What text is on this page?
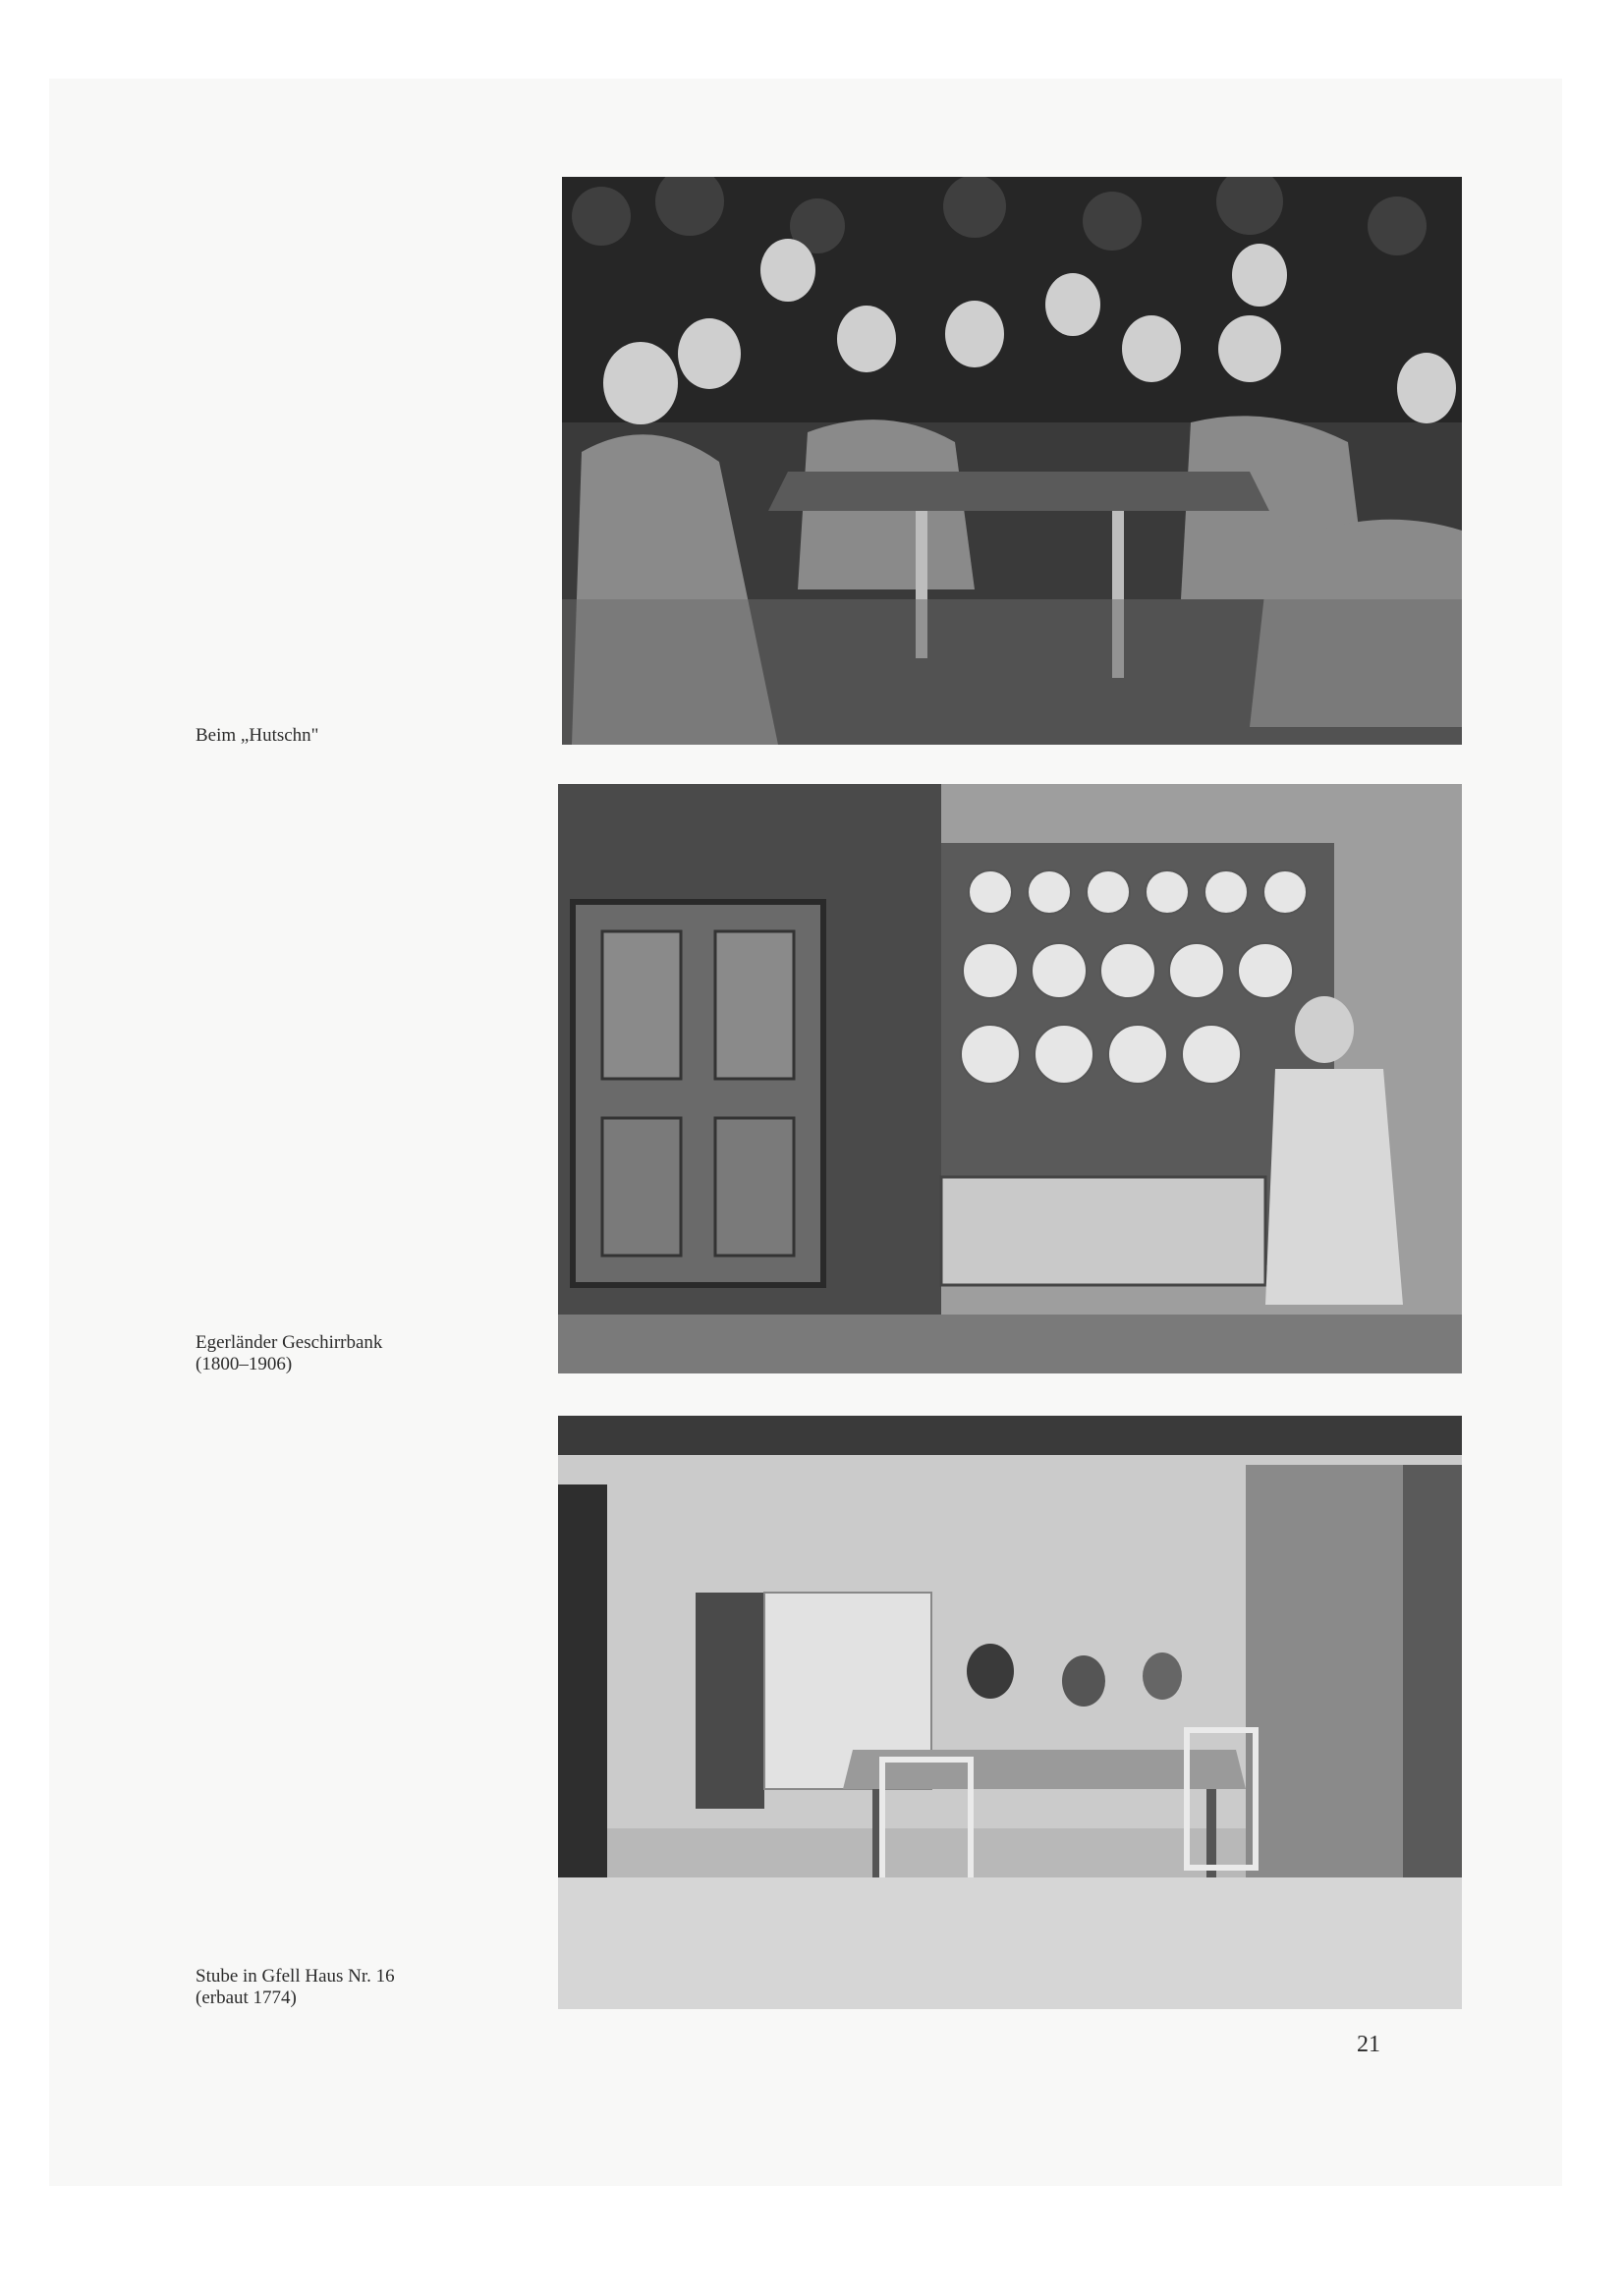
Beim „Hutschn"

Egerländer Geschirrbank
(1800–1906)

Stube in Gfell Haus Nr. 16
(erbaut 1774)

21
